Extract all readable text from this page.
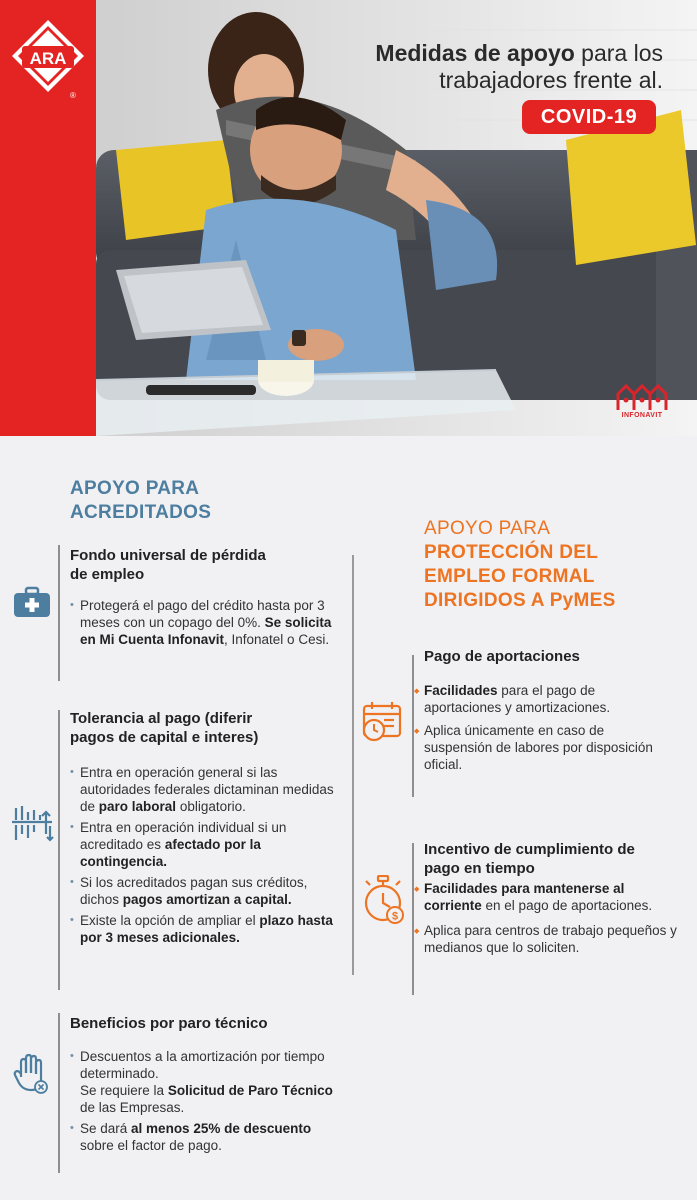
ARA
®
Medidas de apoyo para los
trabajadores frente al.
COVID-19
INFONAVIT
APOYO PARA
ACREDITADOS
Fondo universal de pérdida
de empleo
• Protegerá el pago del crédito hasta por 3 meses con un copago del 0%. Se solicita en Mi Cuenta Infonavit, Infonatel o Cesi.
Tolerancia al pago (diferir
pagos de capital e interes)
• Entra en operación general si las autoridades federales dictaminan medidas de paro laboral obligatorio.
• Entra en operación individual si un acreditado es afectado por la contingencia.
• Si los acreditados pagan sus créditos, dichos pagos amortizan a capital.
• Existe la opción de ampliar el plazo hasta por 3 meses adicionales.
Beneficios por paro técnico
• Descuentos a la amortización por tiempo determinado.
Se requiere la Solicitud de Paro Técnico de las Empresas.
• Se dará al menos 25% de descuento sobre el factor de pago.
APOYO PARA
PROTECCIÓN DEL
EMPLEO FORMAL
DIRIGIDOS A PyMES
Pago de aportaciones
◆ Facilidades para el pago de aportaciones y amortizaciones.
◆ Aplica únicamente en caso de suspensión de labores por disposición oficial.
$
Incentivo de cumplimiento de
pago en tiempo
◆ Facilidades para mantenerse al corriente en el pago de aportaciones.
◆ Aplica para centros de trabajo pequeños y medianos que lo soliciten.
